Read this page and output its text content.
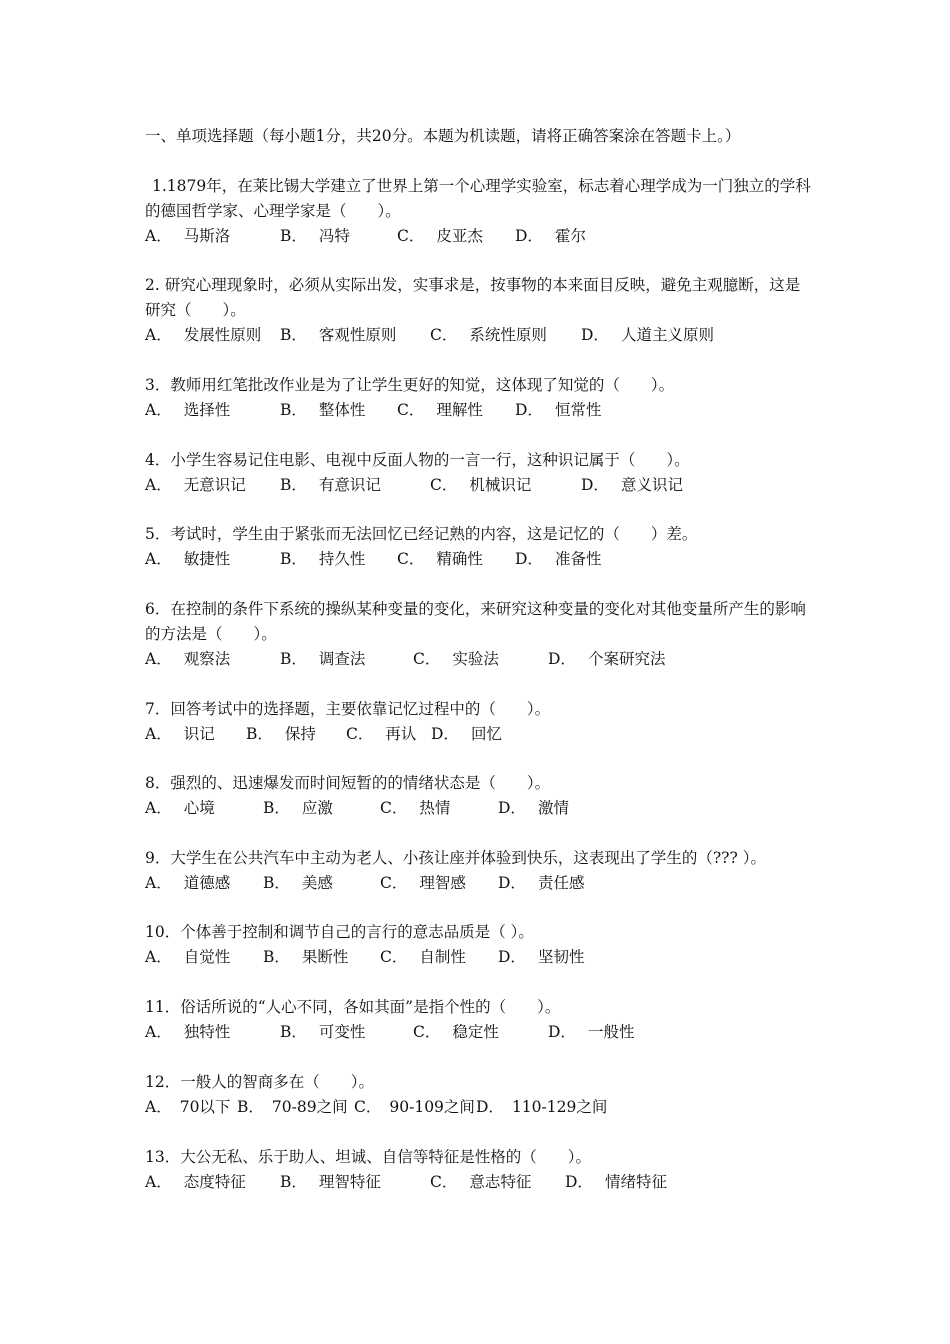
一、单项选择题（每小题1分，共20分。本题为机读题，请将正确答案涂在答题卡上。）

1.1879年，在莱比锡大学建立了世界上第一个心理学实验室，标志着心理学成为一门独立的学科的德国哲学家、心理学家是（　　）。

A． 马斯洛	B． 冯特	C． 皮亚杰	D． 霍尔

2. 研究心理现象时，必须从实际出发，实事求是，按事物的本来面目反映，避免主观臆断，这是研究（　　）。

A． 发展性原则	B． 客观性原则	C． 系统性原则	D． 人道主义原则

3．教师用红笔批改作业是为了让学生更好的知觉，这体现了知觉的（　　）。

A． 选择性	B． 整体性	C． 理解性	D． 恒常性

4．小学生容易记住电影、电视中反面人物的一言一行，这种识记属于（　　）。

A． 无意识记	B． 有意识记	C． 机械识记	D． 意义识记

5．考试时，学生由于紧张而无法回忆已经记熟的内容，这是记忆的（　　）差。

A． 敏捷性	B． 持久性	C． 精确性	D． 准备性

6．在控制的条件下系统的操纵某种变量的变化，来研究这种变量的变化对其他变量所产生的影响的方法是（　　）。

A． 观察法	B． 调查法	C． 实验法	D． 个案研究法

7．回答考试中的选择题，主要依靠记忆过程中的（　　）。

A． 识记	B． 保持	C． 再认 D． 回忆

8．强烈的、迅速爆发而时间短暂的的情绪状态是（　　）。

A． 心境	B． 应激	C． 热情	D． 激情

9．大学生在公共汽车中主动为老人、小孩让座并体验到快乐，这表现出了学生的（??? ）。

A． 道德感	B． 美感	C． 理智感	D． 责任感

10．个体善于控制和调节自己的言行的意志品质是（ ）。

A． 自觉性	B． 果断性	C． 自制性	D． 坚韧性

11．俗话所说的“人心不同，各如其面”是指个性的（　　）。

A． 独特性	B． 可变性	C． 稳定性	D． 一般性

12．一般人的智商多在（　　）。

A． 70以下 B． 70-89之间 C． 90-109之间 D． 110-129之间

13．大公无私、乐于助人、坦诚、自信等特征是性格的（　　）。

A． 态度特征	B． 理智特征	C． 意志特征	D． 情绪特征
